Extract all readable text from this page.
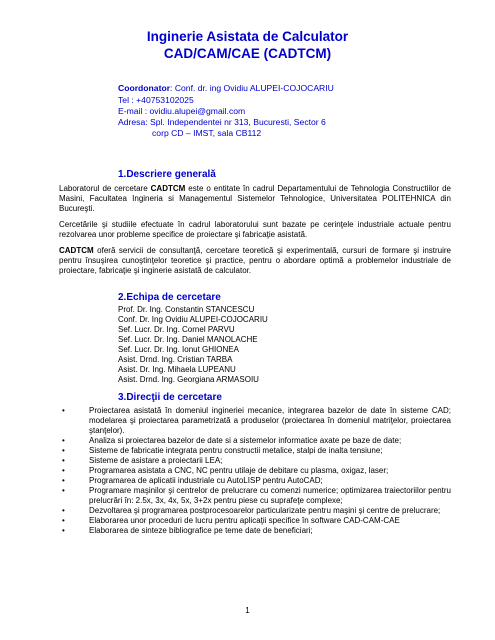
Inginerie Asistata de Calculator
CAD/CAM/CAE (CADTCM)
Coordonator: Conf. dr. ing Ovidiu ALUPEI-COJOCARIU
Tel : +40753102025
E-mail : ovidiu.alupei@gmail.com
Adresa: Spl. Independentei nr 313, Bucuresti, Sector 6
corp CD – IMST, sala CB112
1.Descriere generală
Laboratorul de cercetare CADTCM este o entitate în cadrul Departamentului de Tehnologia Constructiilor de Masini, Facultatea Ingineria si Managementul Sistemelor Tehnologice, Universitatea POLITEHNICA din Bucureşti.
Cercetările şi studiile efectuate în cadrul laboratorului sunt bazate pe cerinţele industriale actuale pentru rezolvarea unor probleme specifice de proiectare şi fabricaţie asistată.
CADTCM oferă servicii de consultanţă, cercetare teoretică şi experimentală, cursuri de formare şi instruire pentru însuşirea cunoştinţelor teoretice şi practice, pentru o abordare optimă a problemelor industriale de proiectare, fabricaţie şi inginerie asistată de calculator.
2.Echipa de cercetare
Prof. Dr. Ing. Constantin STANCESCU
Conf. Dr. Ing Ovidiu ALUPEI-COJOCARIU
Sef. Lucr. Dr. Ing. Cornel PARVU
Sef. Lucr. Dr. Ing. Daniel MANOLACHE
Sef. Lucr. Dr. Ing. Ionut GHIONEA
Asist. Drnd. Ing. Cristian TARBA
Asist. Dr. Ing. Mihaela LUPEANU
Asist. Drnd. Ing. Georgiana ARMASOIU
3.Direcţii de cercetare
•	Proiectarea asistată în domeniul ingineriei mecanice, integrarea bazelor de date în sisteme CAD; modelarea şi proiectarea parametrizată a produselor (proiectarea în domeniul matriţelor, proiectarea ştanţelor).
•	Analiza si proiectarea bazelor de date si a sistemelor informatice axate pe baze de date;
•	Sisteme de fabricatie integrata pentru constructii metalice, stalpi de inalta tensiune;
•	Sisteme de asistare a proiectarii LEA;
•	Programarea asistata a CNC, NC pentru utilaje de debitare cu plasma, oxigaz, laser;
•	Programarea de aplicatii industriale cu AutoLISP pentru AutoCAD;
•	Programare maşinilor şi centrelor de prelucrare cu comenzi numerice; optimizarea traiectoriilor pentru prelucrări în: 2.5x, 3x, 4x, 5x, 3+2x pentru piese cu suprafeţe complexe;
•	Dezvoltarea şi programarea postprocesoarelor particularizate pentru maşini şi centre de prelucrare;
•	Elaborarea unor proceduri de lucru pentru aplicaţii specifice în software CAD-CAM-CAE
•	Elaborarea de sinteze bibliografice pe teme date de beneficiari;
1
